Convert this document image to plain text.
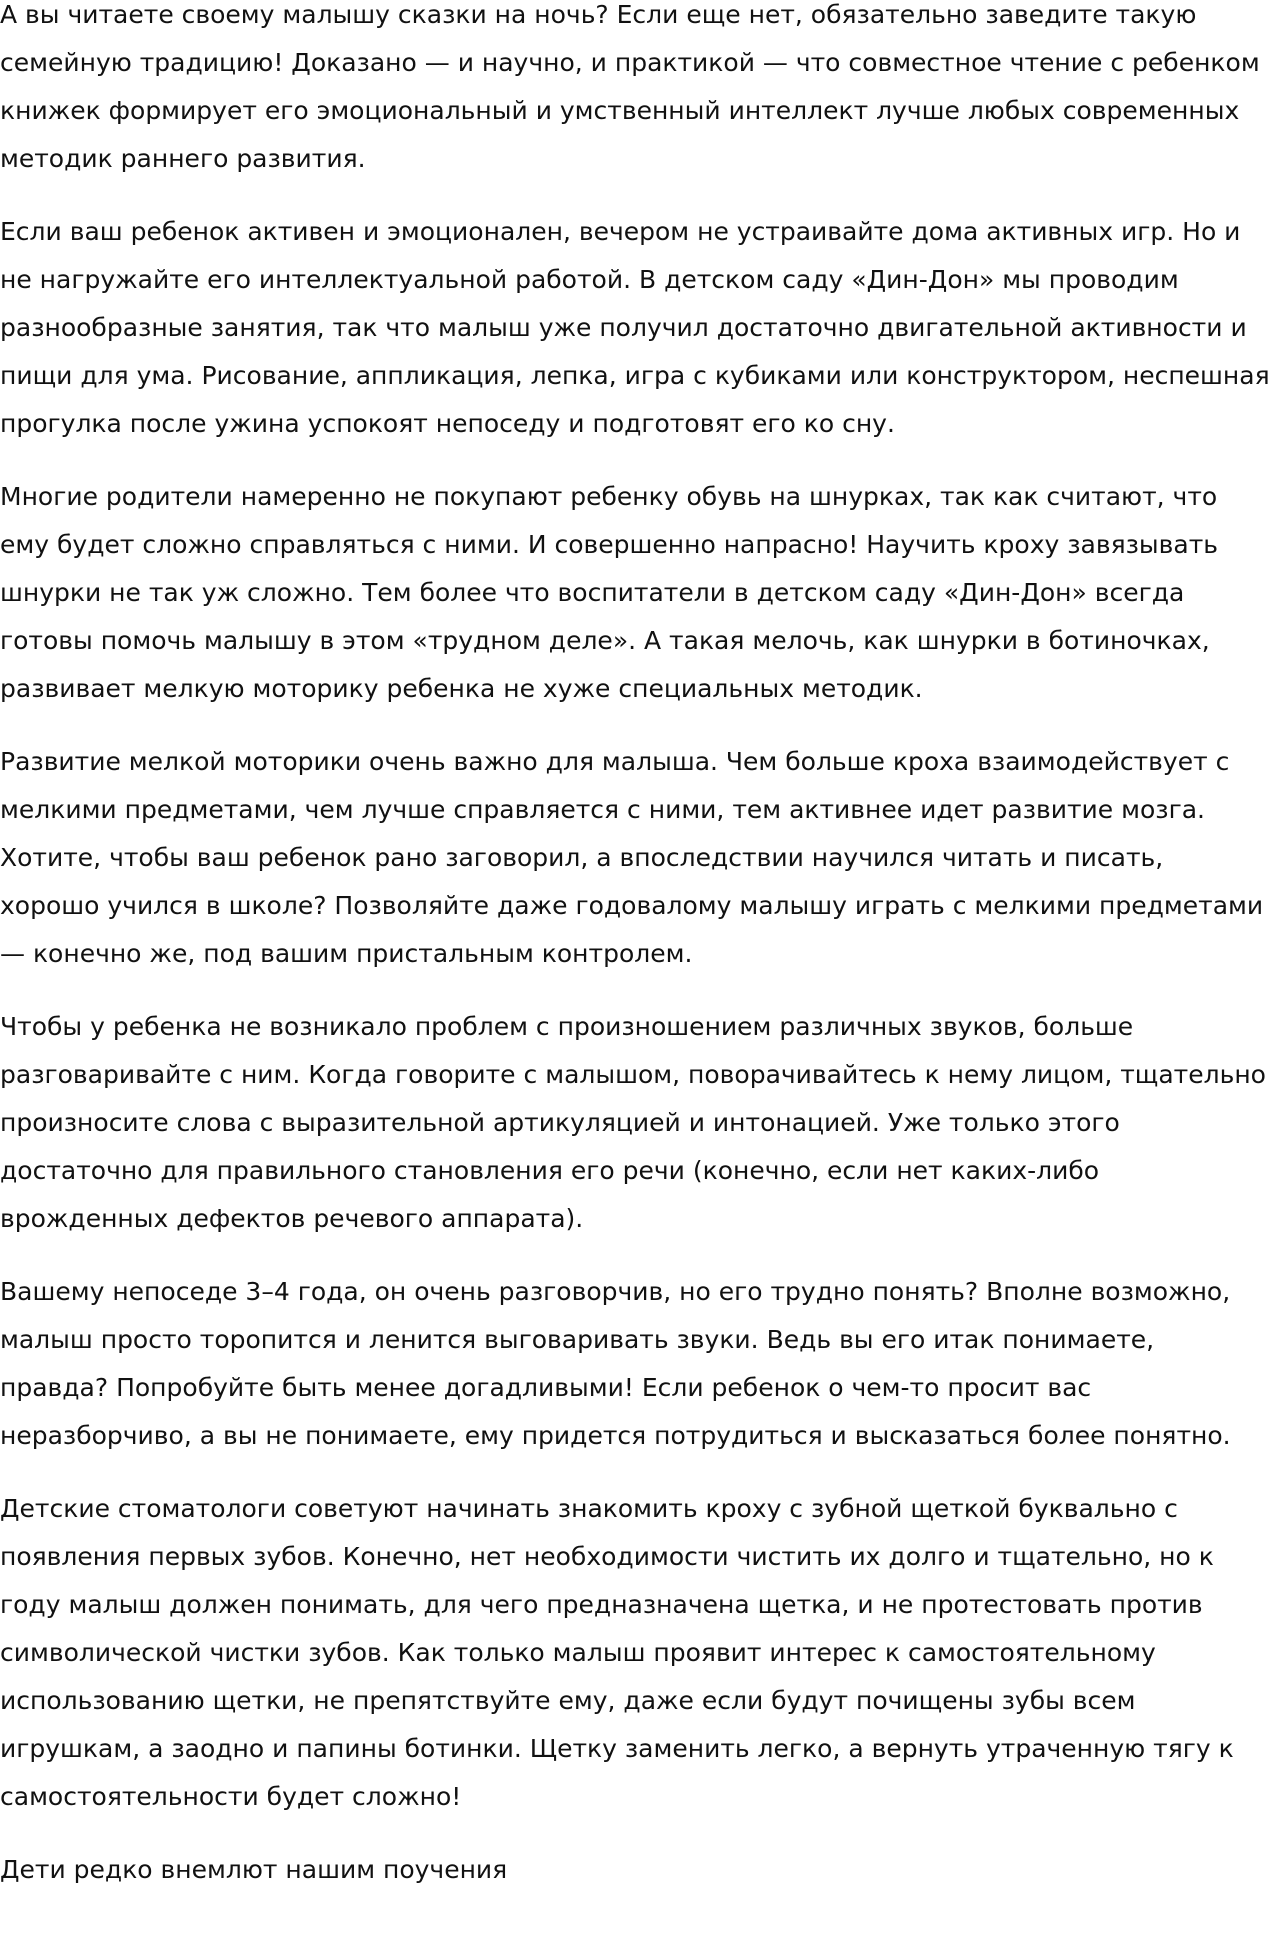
А вы читаете своему малышу сказки на ночь? Если еще нет, обязательно заведите такую семейную традицию! Доказано — и научно, и практикой — что совместное чтение с ребенком книжек формирует его эмоциональный и умственный интеллект лучше любых современных методик раннего развития.

Если ваш ребенок активен и эмоционален, вечером не устраивайте дома активных игр. Но и не нагружайте его интеллектуальной работой. В детском саду «Дин-Дон» мы проводим разнообразные занятия, так что малыш уже получил достаточно двигательной активности и пищи для ума. Рисование, аппликация, лепка, игра с кубиками или конструктором, неспешная прогулка после ужина успокоят непоседу и подготовят его ко сну.

Многие родители намеренно не покупают ребенку обувь на шнурках, так как считают, что ему будет сложно справляться с ними. И совершенно напрасно! Научить кроху завязывать шнурки не так уж сложно. Тем более что воспитатели в детском саду «Дин-Дон» всегда готовы помочь малышу в этом «трудном деле». А такая мелочь, как шнурки в ботиночках, развивает мелкую моторику ребенка не хуже специальных методик.

Развитие мелкой моторики очень важно для малыша. Чем больше кроха взаимодействует с мелкими предметами, чем лучше справляется с ними, тем активнее идет развитие мозга. Хотите, чтобы ваш ребенок рано заговорил, а впоследствии научился читать и писать, хорошо учился в школе? Позволяйте даже годовалому малышу играть с мелкими предметами — конечно же, под вашим пристальным контролем.

Чтобы у ребенка не возникало проблем с произношением различных звуков, больше разговаривайте с ним. Когда говорите с малышом, поворачивайтесь к нему лицом, тщательно произносите слова с выразительной артикуляцией и интонацией. Уже только этого достаточно для правильного становления его речи (конечно, если нет каких-либо врожденных дефектов речевого аппарата).

Вашему непоседе 3–4 года, он очень разговорчив, но его трудно понять? Вполне возможно, малыш просто торопится и ленится выговаривать звуки. Ведь вы его итак понимаете, правда? Попробуйте быть менее догадливыми! Если ребенок о чем-то просит вас неразборчиво, а вы не понимаете, ему придется потрудиться и высказаться более понятно.

Детские стоматологи советуют начинать знакомить кроху с зубной щеткой буквально с появления первых зубов. Конечно, нет необходимости чистить их долго и тщательно, но к году малыш должен понимать, для чего предназначена щетка, и не протестовать против символической чистки зубов. Как только малыш проявит интерес к самостоятельному использованию щетки, не препятствуйте ему, даже если будут почищены зубы всем игрушкам, а заодно и папины ботинки. Щетку заменить легко, а вернуть утраченную тягу к самостоятельности будет сложно!

Дети редко внемлют нашим поучения
